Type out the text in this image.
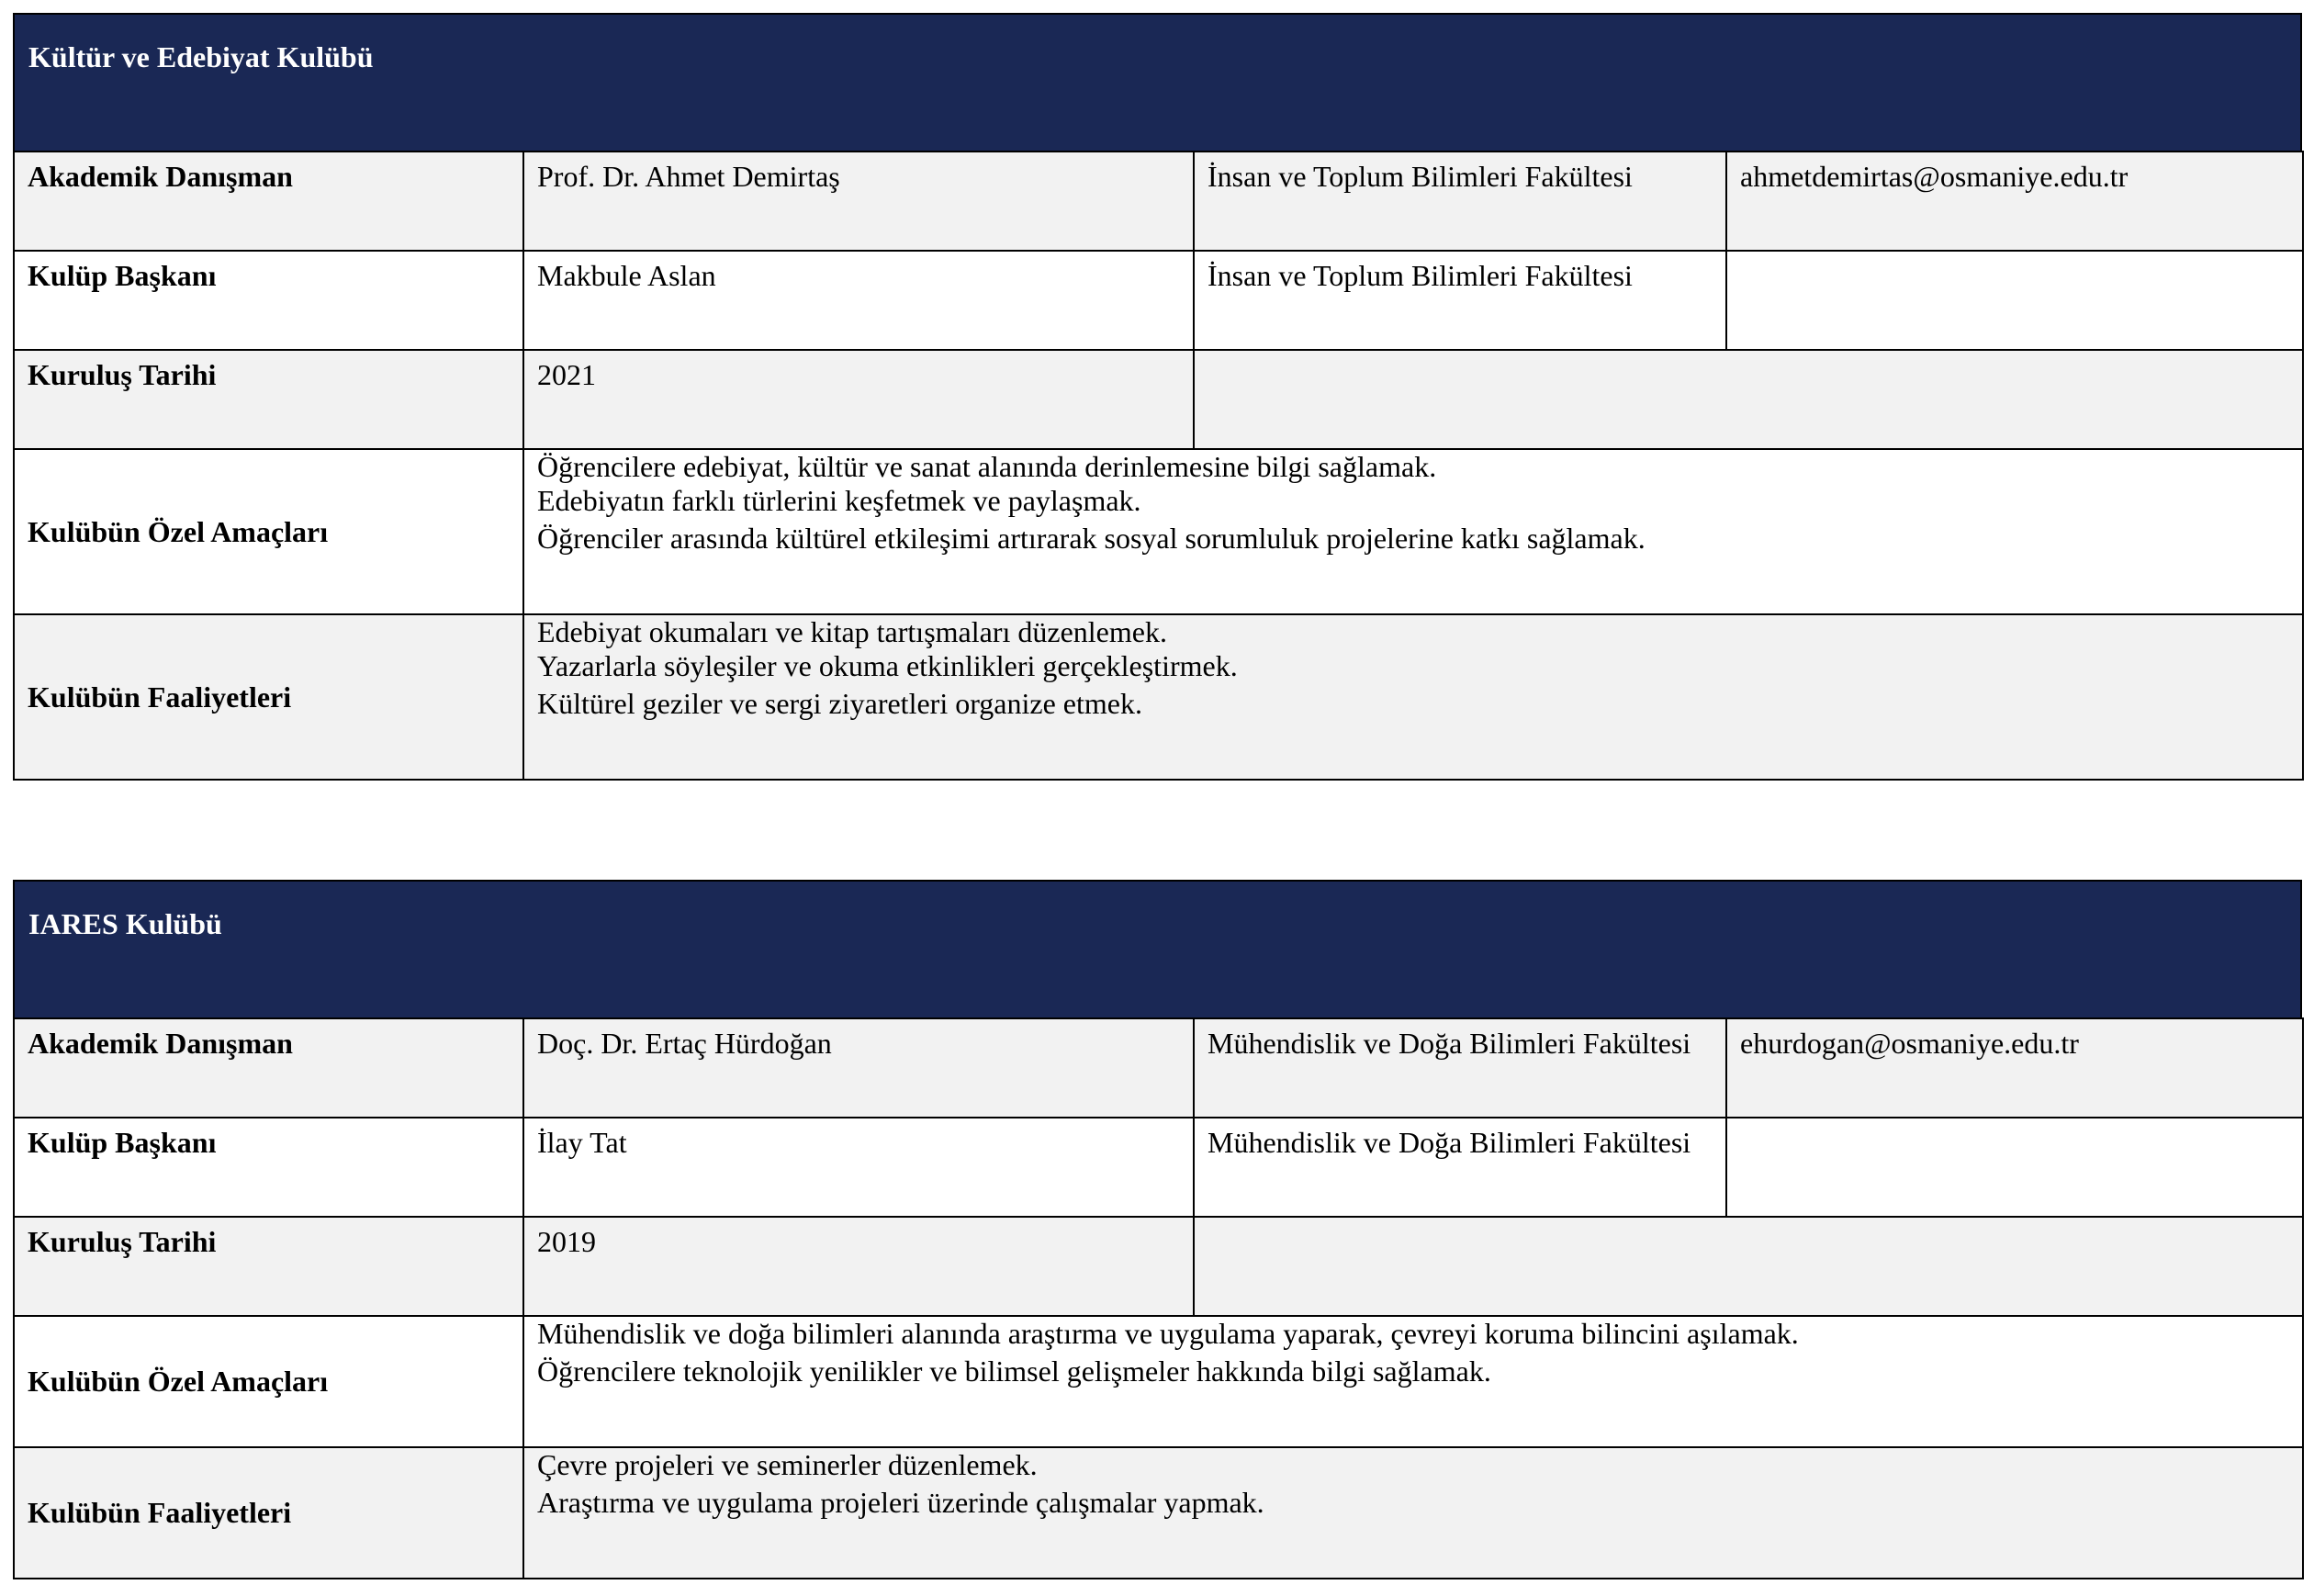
Kültür ve Edebiyat Kulübü
Akademik Danışman	Prof. Dr. Ahmet Demirtaş	İnsan ve Toplum Bilimleri Fakültesi	ahmetdemirtas@osmaniye.edu.tr
Kulüp Başkanı	Makbule Aslan	İnsan ve Toplum Bilimleri Fakültesi	
Kuruluş Tarihi	2021		
Kulübün Özel Amaçları	Öğrencilere edebiyat, kültür ve sanat alanında derinlemesine bilgi sağlamak.
Edebiyatın farklı türlerini keşfetmek ve paylaşmak.
Öğrenciler arasında kültürel etkileşimi artırarak sosyal sorumluluk projelerine katkı sağlamak.		

Kulübün Faaliyetleri	Edebiyat okumaları ve kitap tartışmaları düzenlemek.
Yazarlarla söyleşiler ve okuma etkinlikleri gerçekleştirmek.
Kültürel geziler ve sergi ziyaretleri organize etmek.		
IARES Kulübü
Akademik Danışman	Doç. Dr. Ertaç Hürdoğan	Mühendislik ve Doğa Bilimleri Fakültesi	ehurdogan@osmaniye.edu.tr
Kulüp Başkanı	İlay Tat	Mühendislik ve Doğa Bilimleri Fakültesi	
Kuruluş Tarihi	2019		
Kulübün Özel Amaçları	Mühendislik ve doğa bilimleri alanında araştırma ve uygulama yaparak, çevreyi koruma bilincini aşılamak.
Öğrencilere teknolojik yenilikler ve bilimsel gelişmeler hakkında bilgi sağlamak.		

Kulübün Faaliyetleri	Çevre projeleri ve seminerler düzenlemek.
Araştırma ve uygulama projeleri üzerinde çalışmalar yapmak.		
